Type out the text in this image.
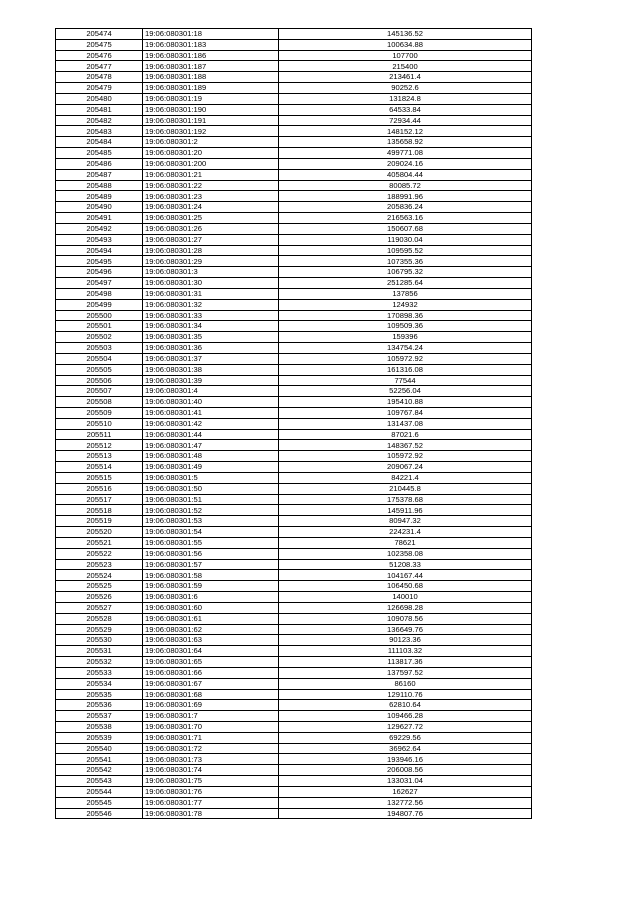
205474	19:06:080301:18	145136.52
205475	19:06:080301:183	100634.88
205476	19:06:080301:186	107700
205477	19:06:080301:187	215400
205478	19:06:080301:188	213461.4
205479	19:06:080301:189	90252.6
205480	19:06:080301:19	131824.8
205481	19:06:080301:190	64533.84
205482	19:06:080301:191	72934.44
205483	19:06:080301:192	148152.12
205484	19:06:080301:2	135658.92
205485	19:06:080301:20	499771.08
205486	19:06:080301:200	209024.16
205487	19:06:080301:21	405804.44
205488	19:06:080301:22	80085.72
205489	19:06:080301:23	188991.96
205490	19:06:080301:24	205836.24
205491	19:06:080301:25	216563.16
205492	19:06:080301:26	150607.68
205493	19:06:080301:27	119030.04
205494	19:06:080301:28	109595.52
205495	19:06:080301:29	107355.36
205496	19:06:080301:3	106795.32
205497	19:06:080301:30	251285.64
205498	19:06:080301:31	137856
205499	19:06:080301:32	124932
205500	19:06:080301:33	170898.36
205501	19:06:080301:34	109509.36
205502	19:06:080301:35	159396
205503	19:06:080301:36	134754.24
205504	19:06:080301:37	105972.92
205505	19:06:080301:38	161316.08
205506	19:06:080301:39	77544
205507	19:06:080301:4	52256.04
205508	19:06:080301:40	195410.88
205509	19:06:080301:41	109767.84
205510	19:06:080301:42	131437.08
205511	19:06:080301:44	87021.6
205512	19:06:080301:47	148367.52
205513	19:06:080301:48	105972.92
205514	19:06:080301:49	209067.24
205515	19:06:080301:5	84221.4
205516	19:06:080301:50	210445.8
205517	19:06:080301:51	175378.68
205518	19:06:080301:52	145911.96
205519	19:06:080301:53	80947.32
205520	19:06:080301:54	224231.4
205521	19:06:080301:55	78621
205522	19:06:080301:56	102358.08
205523	19:06:080301:57	51208.33
205524	19:06:080301:58	104167.44
205525	19:06:080301:59	106450.68
205526	19:06:080301:6	140010
205527	19:06:080301:60	126698.28
205528	19:06:080301:61	109078.56
205529	19:06:080301:62	136649.76
205530	19:06:080301:63	90123.36
205531	19:06:080301:64	111103.32
205532	19:06:080301:65	113817.36
205533	19:06:080301:66	137597.52
205534	19:06:080301:67	86160
205535	19:06:080301:68	129110.76
205536	19:06:080301:69	62810.64
205537	19:06:080301:7	109466.28
205538	19:06:080301:70	129627.72
205539	19:06:080301:71	69229.56
205540	19:06:080301:72	36962.64
205541	19:06:080301:73	193946.16
205542	19:06:080301:74	206008.56
205543	19:06:080301:75	133031.04
205544	19:06:080301:76	162627
205545	19:06:080301:77	132772.56
205546	19:06:080301:78	194807.76
